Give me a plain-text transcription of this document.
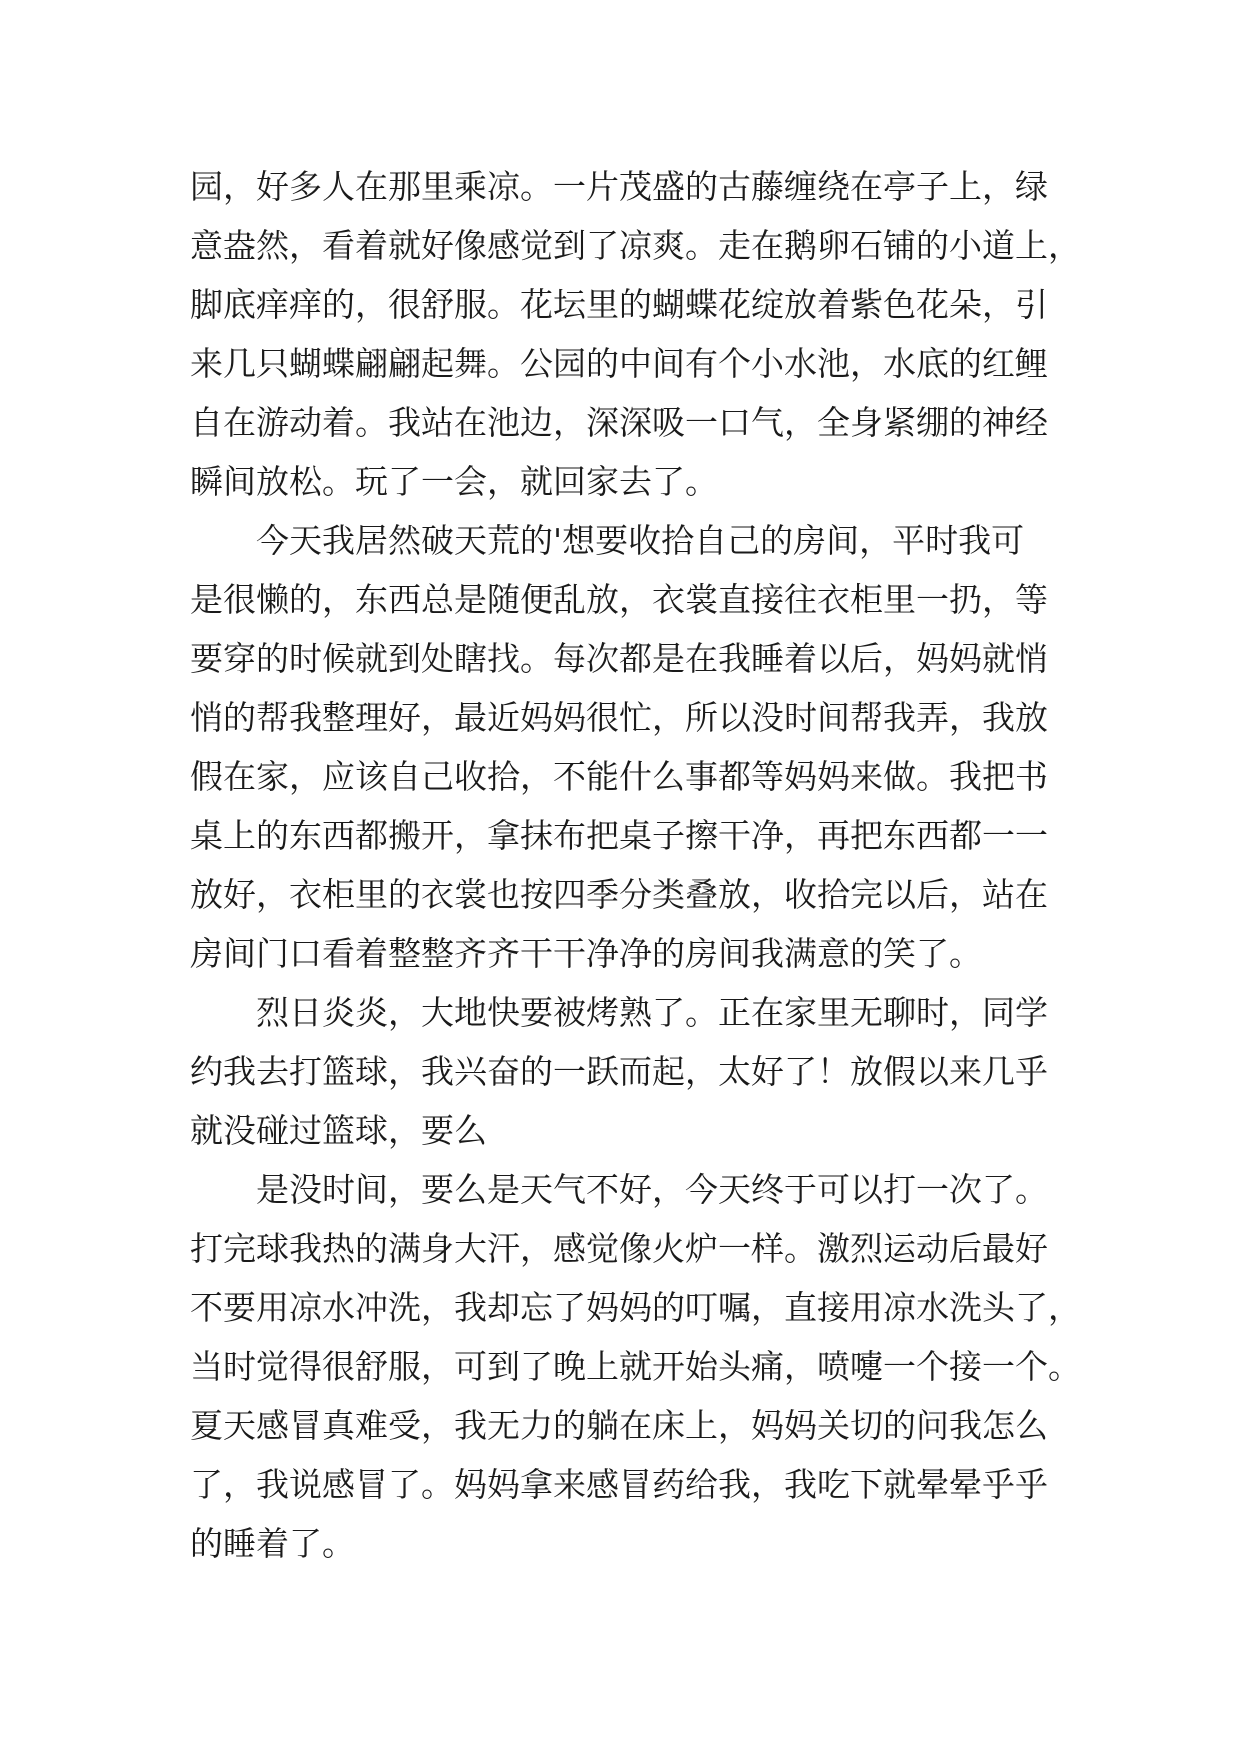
园，好多人在那里乘凉。一片茂盛的古藤缠绕在亭子上，绿
意盎然，看着就好像感觉到了凉爽。走在鹅卵石铺的小道上，
脚底痒痒的，很舒服。花坛里的蝴蝶花绽放着紫色花朵，引
来几只蝴蝶翩翩起舞。公园的中间有个小水池，水底的红鲤
自在游动着。我站在池边，深深吸一口气，全身紧绷的神经
瞬间放松。玩了一会，就回家去了。
　　今天我居然破天荒的'想要收拾自己的房间，平时我可
是很懒的，东西总是随便乱放，衣裳直接往衣柜里一扔，等
要穿的时候就到处瞎找。每次都是在我睡着以后，妈妈就悄
悄的帮我整理好，最近妈妈很忙，所以没时间帮我弄，我放
假在家，应该自己收拾，不能什么事都等妈妈来做。我把书
桌上的东西都搬开，拿抹布把桌子擦干净，再把东西都一一
放好，衣柜里的衣裳也按四季分类叠放，收拾完以后，站在
房间门口看着整整齐齐干干净净的房间我满意的笑了。
　　烈日炎炎，大地快要被烤熟了。正在家里无聊时，同学
约我去打篮球，我兴奋的一跃而起，太好了！放假以来几乎
就没碰过篮球，要么
　　是没时间，要么是天气不好，今天终于可以打一次了。
打完球我热的满身大汗，感觉像火炉一样。激烈运动后最好
不要用凉水冲洗，我却忘了妈妈的叮嘱，直接用凉水洗头了，
当时觉得很舒服，可到了晚上就开始头痛，喷嚏一个接一个。
夏天感冒真难受，我无力的躺在床上，妈妈关切的问我怎么
了，我说感冒了。妈妈拿来感冒药给我，我吃下就晕晕乎乎
的睡着了。
